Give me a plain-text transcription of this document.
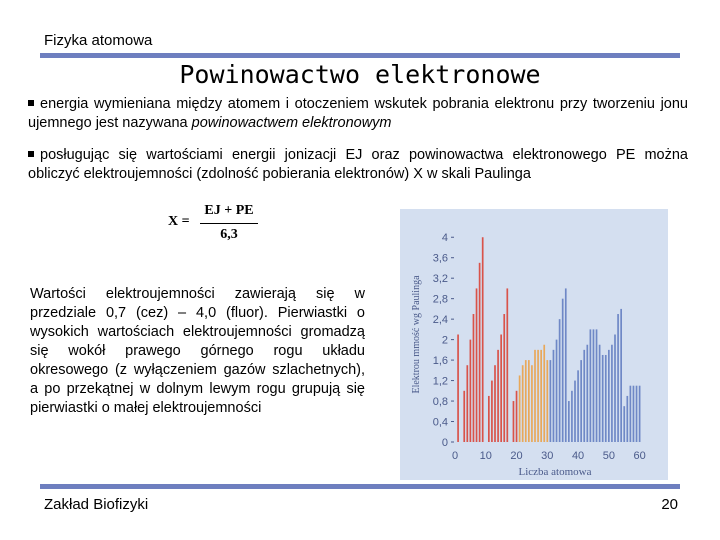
Fizyka atomowa
Powinowactwo elektronowe
energia wymieniana między atomem i otoczeniem wskutek pobrania elektronu przy tworzeniu jonu ujemnego jest nazywana powinowactwem elektronowym
posługując się wartościami energii jonizacji EJ oraz powinowactwa elektronowego PE można obliczyć elektroujemności (zdolność pobierania elektronów) X w skali Paulinga
X =
EJ + PE
6,3
Wartości elektroujemności zawierają się w przedziale 0,7 (cez) – 4,0 (fluor). Pierwiastki o wysokich wartościach elektroujemności gromadzą się wokół prawego górnego rogu układu okresowego (z wyłączeniem gazów szlachetnych), a po przekątnej w dolnym lewym rogu grupują się pierwiastki o małej elektroujemności
0
0,4
0,8
1,2
1,6
2
2,4
2,8
3,2
3,6
4
0 10 20 30 40 50 60
Liczba atomowa
Elektrou mmość wg Paulinga
Zakład Biofizyki	20
